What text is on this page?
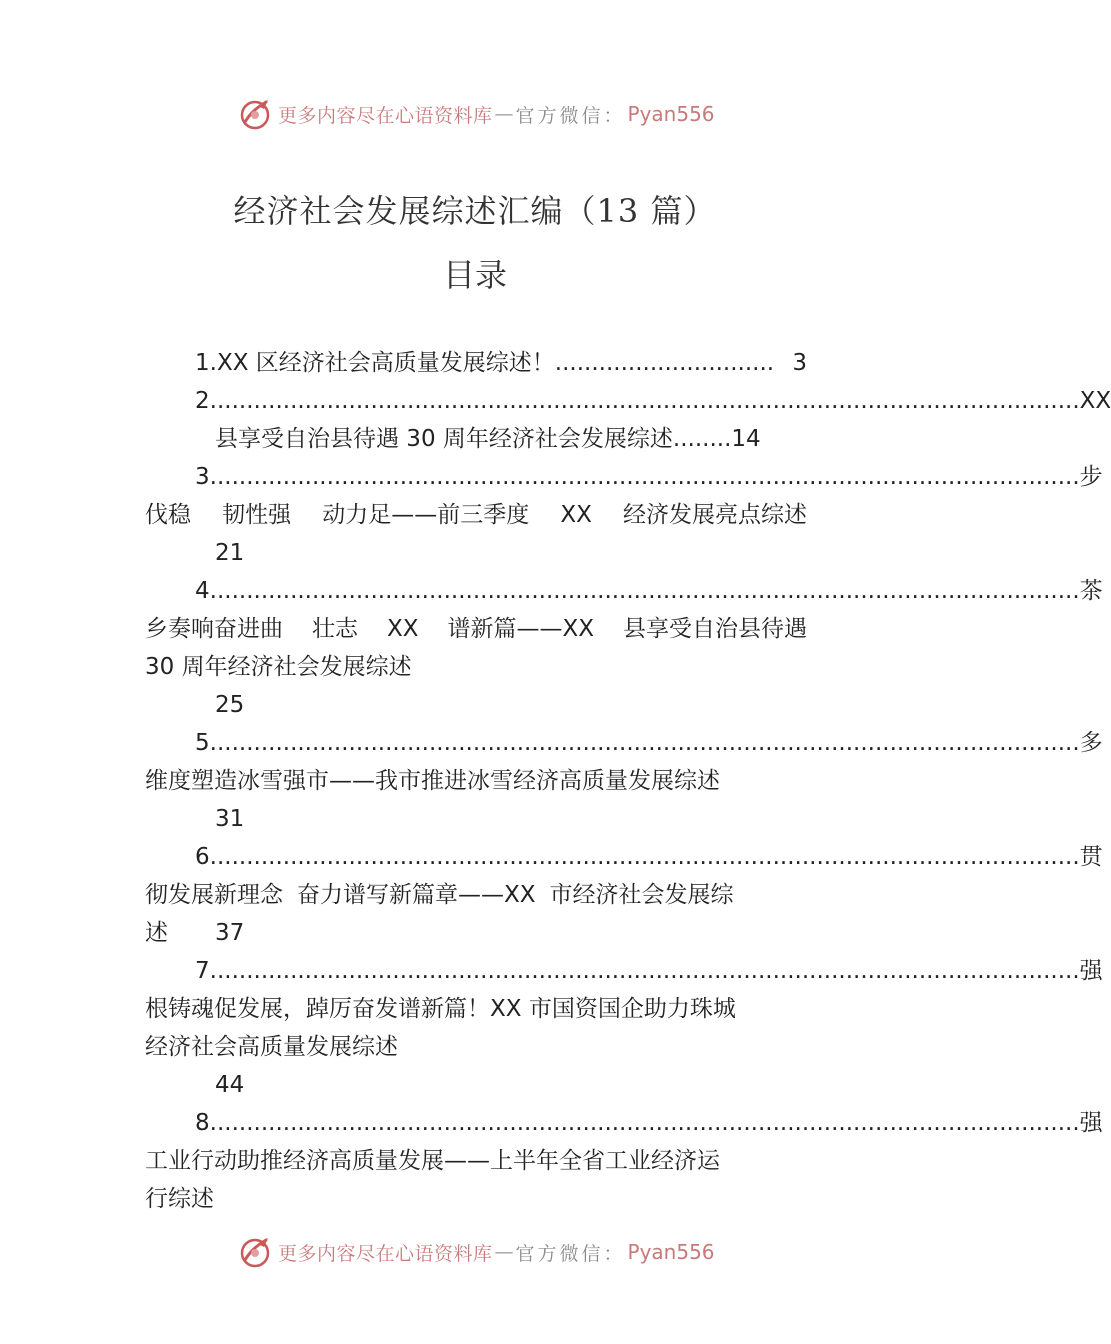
更多内容尽在心语资料库 — 官方微信： Pyan556
经济社会发展综述汇编（13 篇）
目录
1.XX 区经济社会高质量发展综述！ .............................. 3
2. ...................................................................................................................... XX
县享受自治县待遇 30 周年经济社会发展综述 ........ 14
3. ...................................................................................................................... 步
伐稳 韧性强 动力足——前三季度 XX 经济发展亮点综述
21
4. ...................................................................................................................... 茶
乡奏响奋进曲 壮志 XX 谱新篇——XX 县享受自治县待遇
30 周年经济社会发展综述
25
5. ...................................................................................................................... 多
维度塑造冰雪强市——我市推进冰雪经济高质量发展综述
31
6. ...................................................................................................................... 贯
彻发展新理念 奋力谱写新篇章——XX 市经济社会发展综
述	37
7. ...................................................................................................................... 强
根铸魂促发展，踔厉奋发谱新篇！XX 市国资国企助力珠城
经济社会高质量发展综述
44
8. ...................................................................................................................... 强
工业行动助推经济高质量发展——上半年全省工业经济运
行综述
更多内容尽在心语资料库 — 官方微信： Pyan556
